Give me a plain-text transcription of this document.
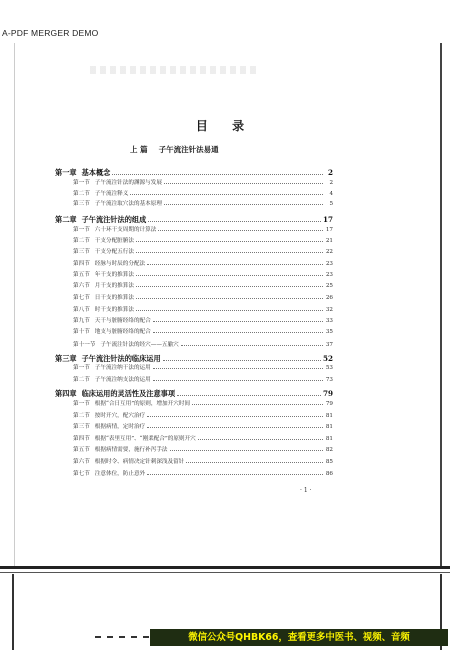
A-PDF MERGER DEMO
目 录
上 篇 子午流注针法易通
第一章 基本概念	2
第一节 子午流注针法的渊源与发展	2
第二节 子午流注释义	4
第三节 子午流注取穴法的基本原理	5
第二章 子午流注针法的组成	17
第一节 六十环干支周期的计算法	17
第二节 干支分配脏腑法	21
第三节 干支分配五行法	22
第四节 经脉与时辰的分配法	23
第五节 年干支的推算法	23
第六节 月干支的推算法	25
第七节 日干支的推算法	26
第八节 时干支的推算法	32
第九节 天干与脏腑经络的配合	33
第十节 地支与脏腑经络的配合	35
第十一节 子午流注针法的经穴——五腧穴	37
第三章 子午流注针法的临床运用	52
第一节 子午流注纳干法的运用	53
第二节 子午流注纳支法的运用	73
第四章 临床运用的灵活性及注意事项	79
第一节 根据“合日互用”的原则，增加开穴时间	79
第二节 按时开穴，配穴治疗	81
第三节 根据病情，定时治疗	81
第四节 根据“表里互用”、“刚柔配合”的原则开穴	81
第五节 根据病情需要，施行补泻手法	82
第六节 根据时令、病情决定针刺深浅及留针	85
第七节 注意体位，防止意外	86
· 1 ·
微信公众号QHBK66，查看更多中医书、视频、音频
